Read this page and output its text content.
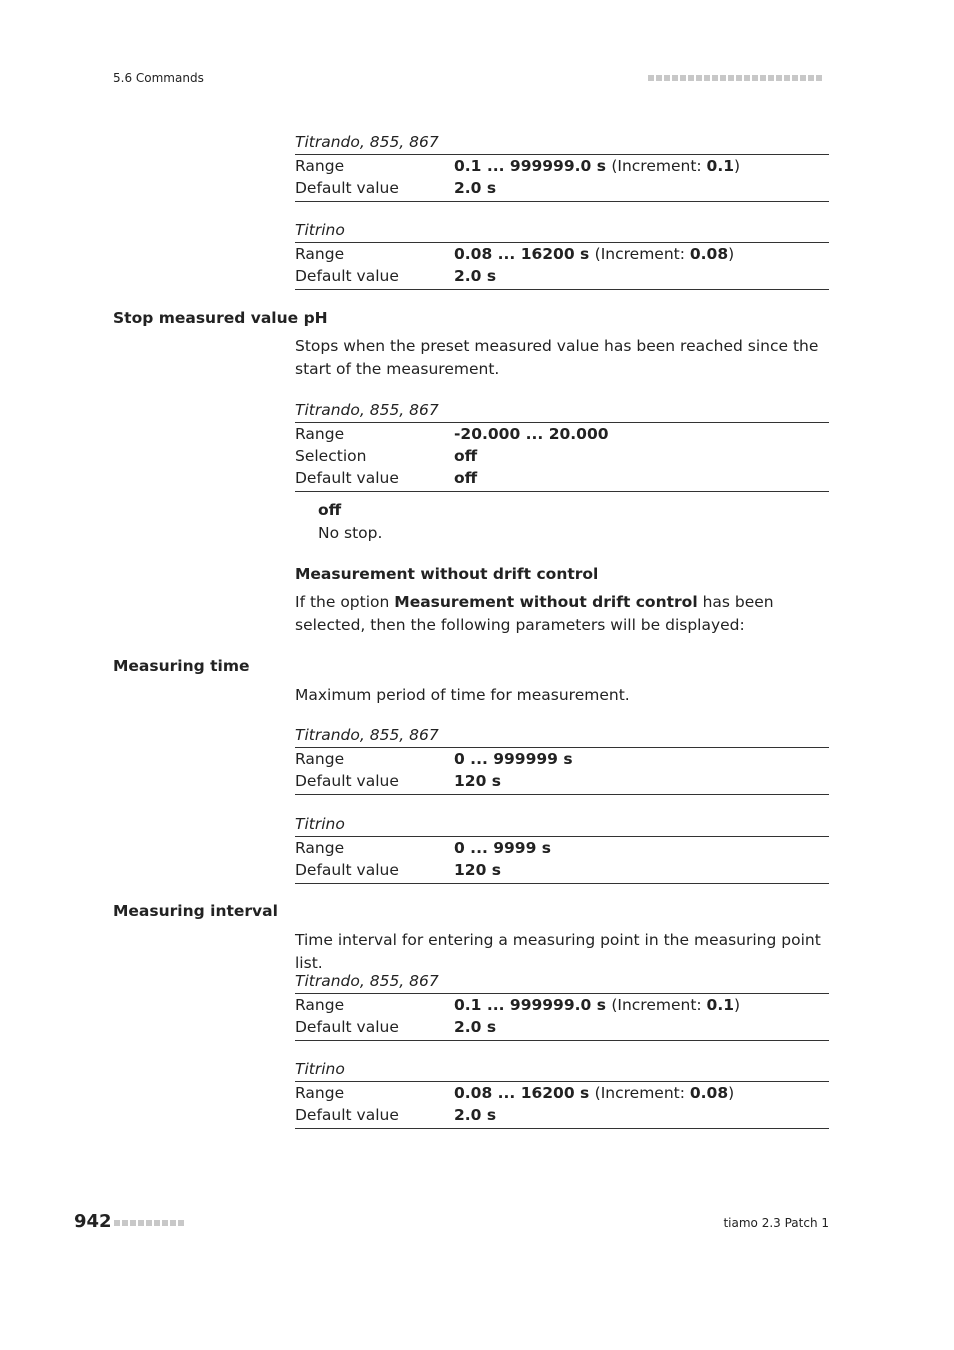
5.6 Commands
Titrando, 855, 867
Range	0.1 ... 999999.0 s (Increment: 0.1)
Default value	2.0 s
Titrino
Range	0.08 ... 16200 s (Increment: 0.08)
Default value	2.0 s
Stop measured value pH
Stops when the preset measured value has been reached since the start of the measurement.
Titrando, 855, 867
Range	-20.000 ... 20.000
Selection	off
Default value	off
off
No stop.
Measurement without drift control
If the option Measurement without drift control has been selected, then the following parameters will be displayed:
Measuring time
Maximum period of time for measurement.
Titrando, 855, 867
Range	0 ... 999999 s
Default value	120 s
Titrino
Range	0 ... 9999 s
Default value	120 s
Measuring interval
Time interval for entering a measuring point in the measuring point list.
Titrando, 855, 867
Range	0.1 ... 999999.0 s (Increment: 0.1)
Default value	2.0 s
Titrino
Range	0.08 ... 16200 s (Increment: 0.08)
Default value	2.0 s
942	tiamo 2.3 Patch 1
